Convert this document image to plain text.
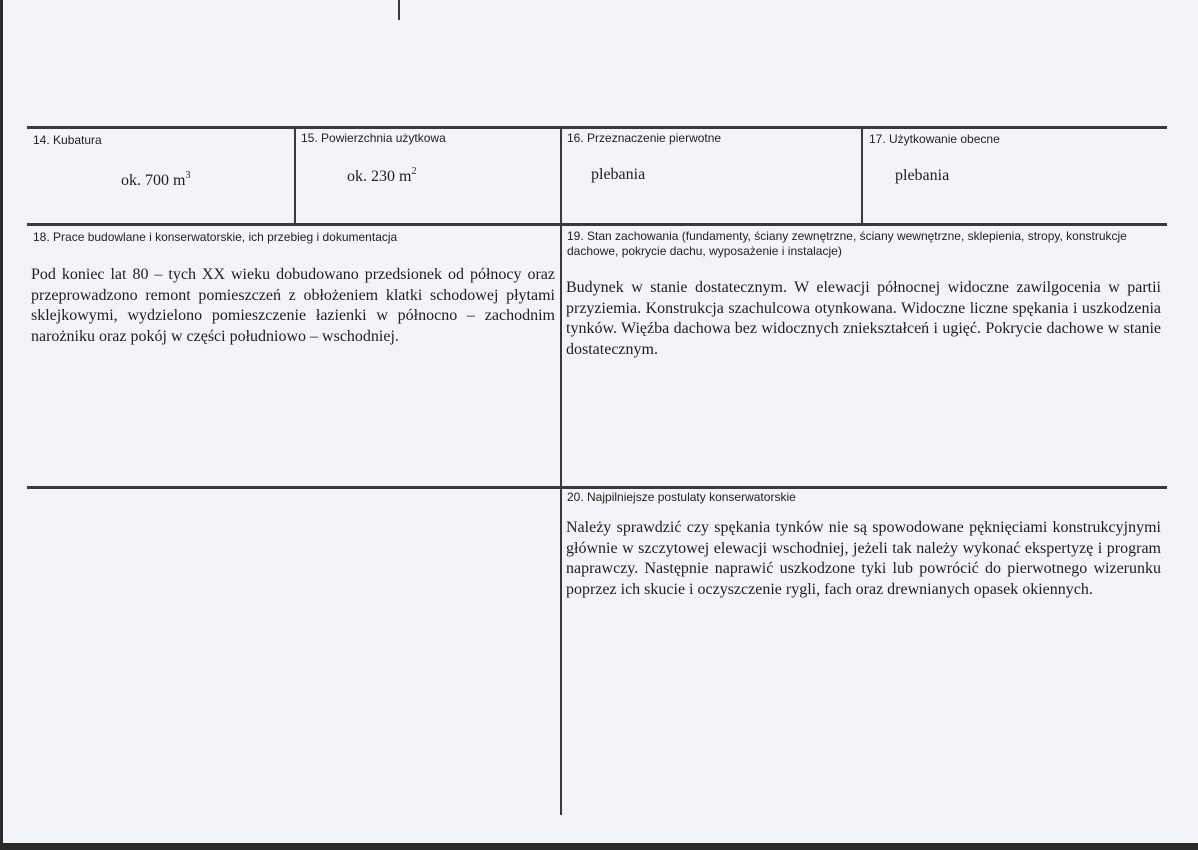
14. Kubatura
ok. 700 $m^3$
15. Powierzchnia użytkowa
ok. 230 $m^2$
16. Przeznaczenie pierwotne
plebania
17. Użytkowanie obecne
plebania
18. Prace budowlane i konserwatorskie, ich przebieg i dokumentacja
Pod koniec lat 80 – tych XX wieku dobudowano przedsionek od północy oraz przeprowadzono remont pomieszczeń z obłożeniem klatki schodowej płytami sklejkowymi, wydzielono pomieszczenie łazienki w północno – zachodnim narożniku oraz pokój w części południowo – wschodniej.
19. Stan zachowania (fundamenty, ściany zewnętrzne, ściany wewnętrzne, sklepienia, stropy, konstrukcje dachowe, pokrycie dachu, wyposażenie i instalacje)
Budynek w stanie dostatecznym. W elewacji północnej widoczne zawilgocenia w partii przyziemia. Konstrukcja szachulcowa otynkowana. Widoczne liczne spękania i uszkodzenia tynków. Więźba dachowa bez widocznych zniekształceń i ugięć. Pokrycie dachowe w stanie dostatecznym.
20. Najpilniejsze postulaty konserwatorskie
Należy sprawdzić czy spękania tynków nie są spowodowane pęknięciami konstrukcyjnymi głównie w szczytowej elewacji wschodniej, jeżeli tak należy wykonać ekspertyzę i program naprawczy. Następnie naprawić uszkodzone tyki lub powrócić do pierwotnego wizerunku poprzez ich skucie i oczyszczenie rygli, fach oraz drewnianych opasek okiennych.
